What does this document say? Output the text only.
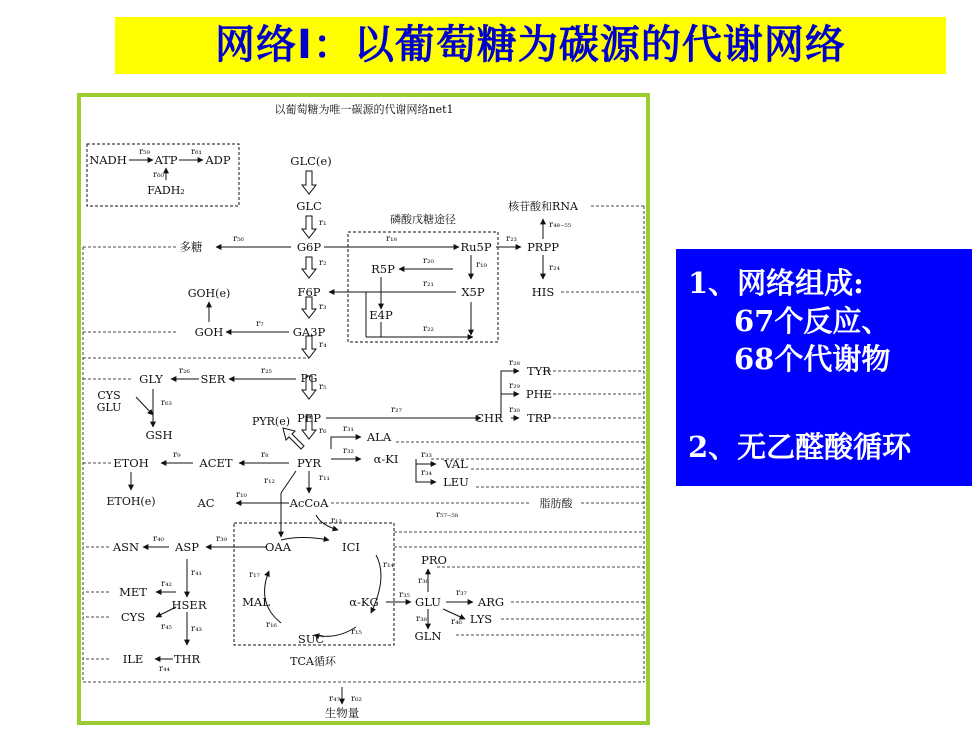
网络Ⅰ：以葡萄糖为碳源的代谢网络
以葡萄糖为唯一碳源的代谢网络net1
NADH ATP ADP
FADH₂
GLC(e)
GLC
G6P
F6P
GA3P
PG
PEP
PYR
AcCoA
多糖
GOH(e)
GOH
磷酸戊糖途径
Ru5P
R5P
X5P
E4P
PRPP
核苷酸和RNA
HIS
SER
GLY
CYS
GLU
GSH
PYR(e)	CHR
TYR
PHE
TRP
ALA
α-KI	VAL
LEU
ETOH	ACET
ETOH(e)	AC	脂肪酸
OAA	ICI
α-KG
MAL
SUC
TCA循环
ASP
ASN
MET
CYS
HSER
THR
ILE
GLU
PRO
ARG
LYS
GLN
生物量
r₅₉	r₆₁
r₆₀
r₁
r₂
r₃
r₄
r₅
r₆
r₁₁
r₅₆
r₇
r₂₅
r₂₆
r₆₃
r₁₈
r₁₉
r₂₀
r₂₁
r₂₂
r₂₃
r₄₈₋₅₅
r₂₄
r₂₇
r₂₈
r₂₉
r₃₀
r₃₁
r₃₂	r₃₃
r₃₄
r₈
r₉
r₁₀
r₁₂
r₁₃
r₁₄
r₁₅
r₁₆
r₁₇
r₃₉
r₄₀
r₄₁
r₄₂
r₄₅ r₄₃
r₄₄
r₃₅
r₃₆
r₃₇
r₃₈	r₄₆
r₅₇₋₅₈
r₄₇ r₆₂
1、网络组成:
67个反应、
68个代谢物
2、无乙醛酸循环
